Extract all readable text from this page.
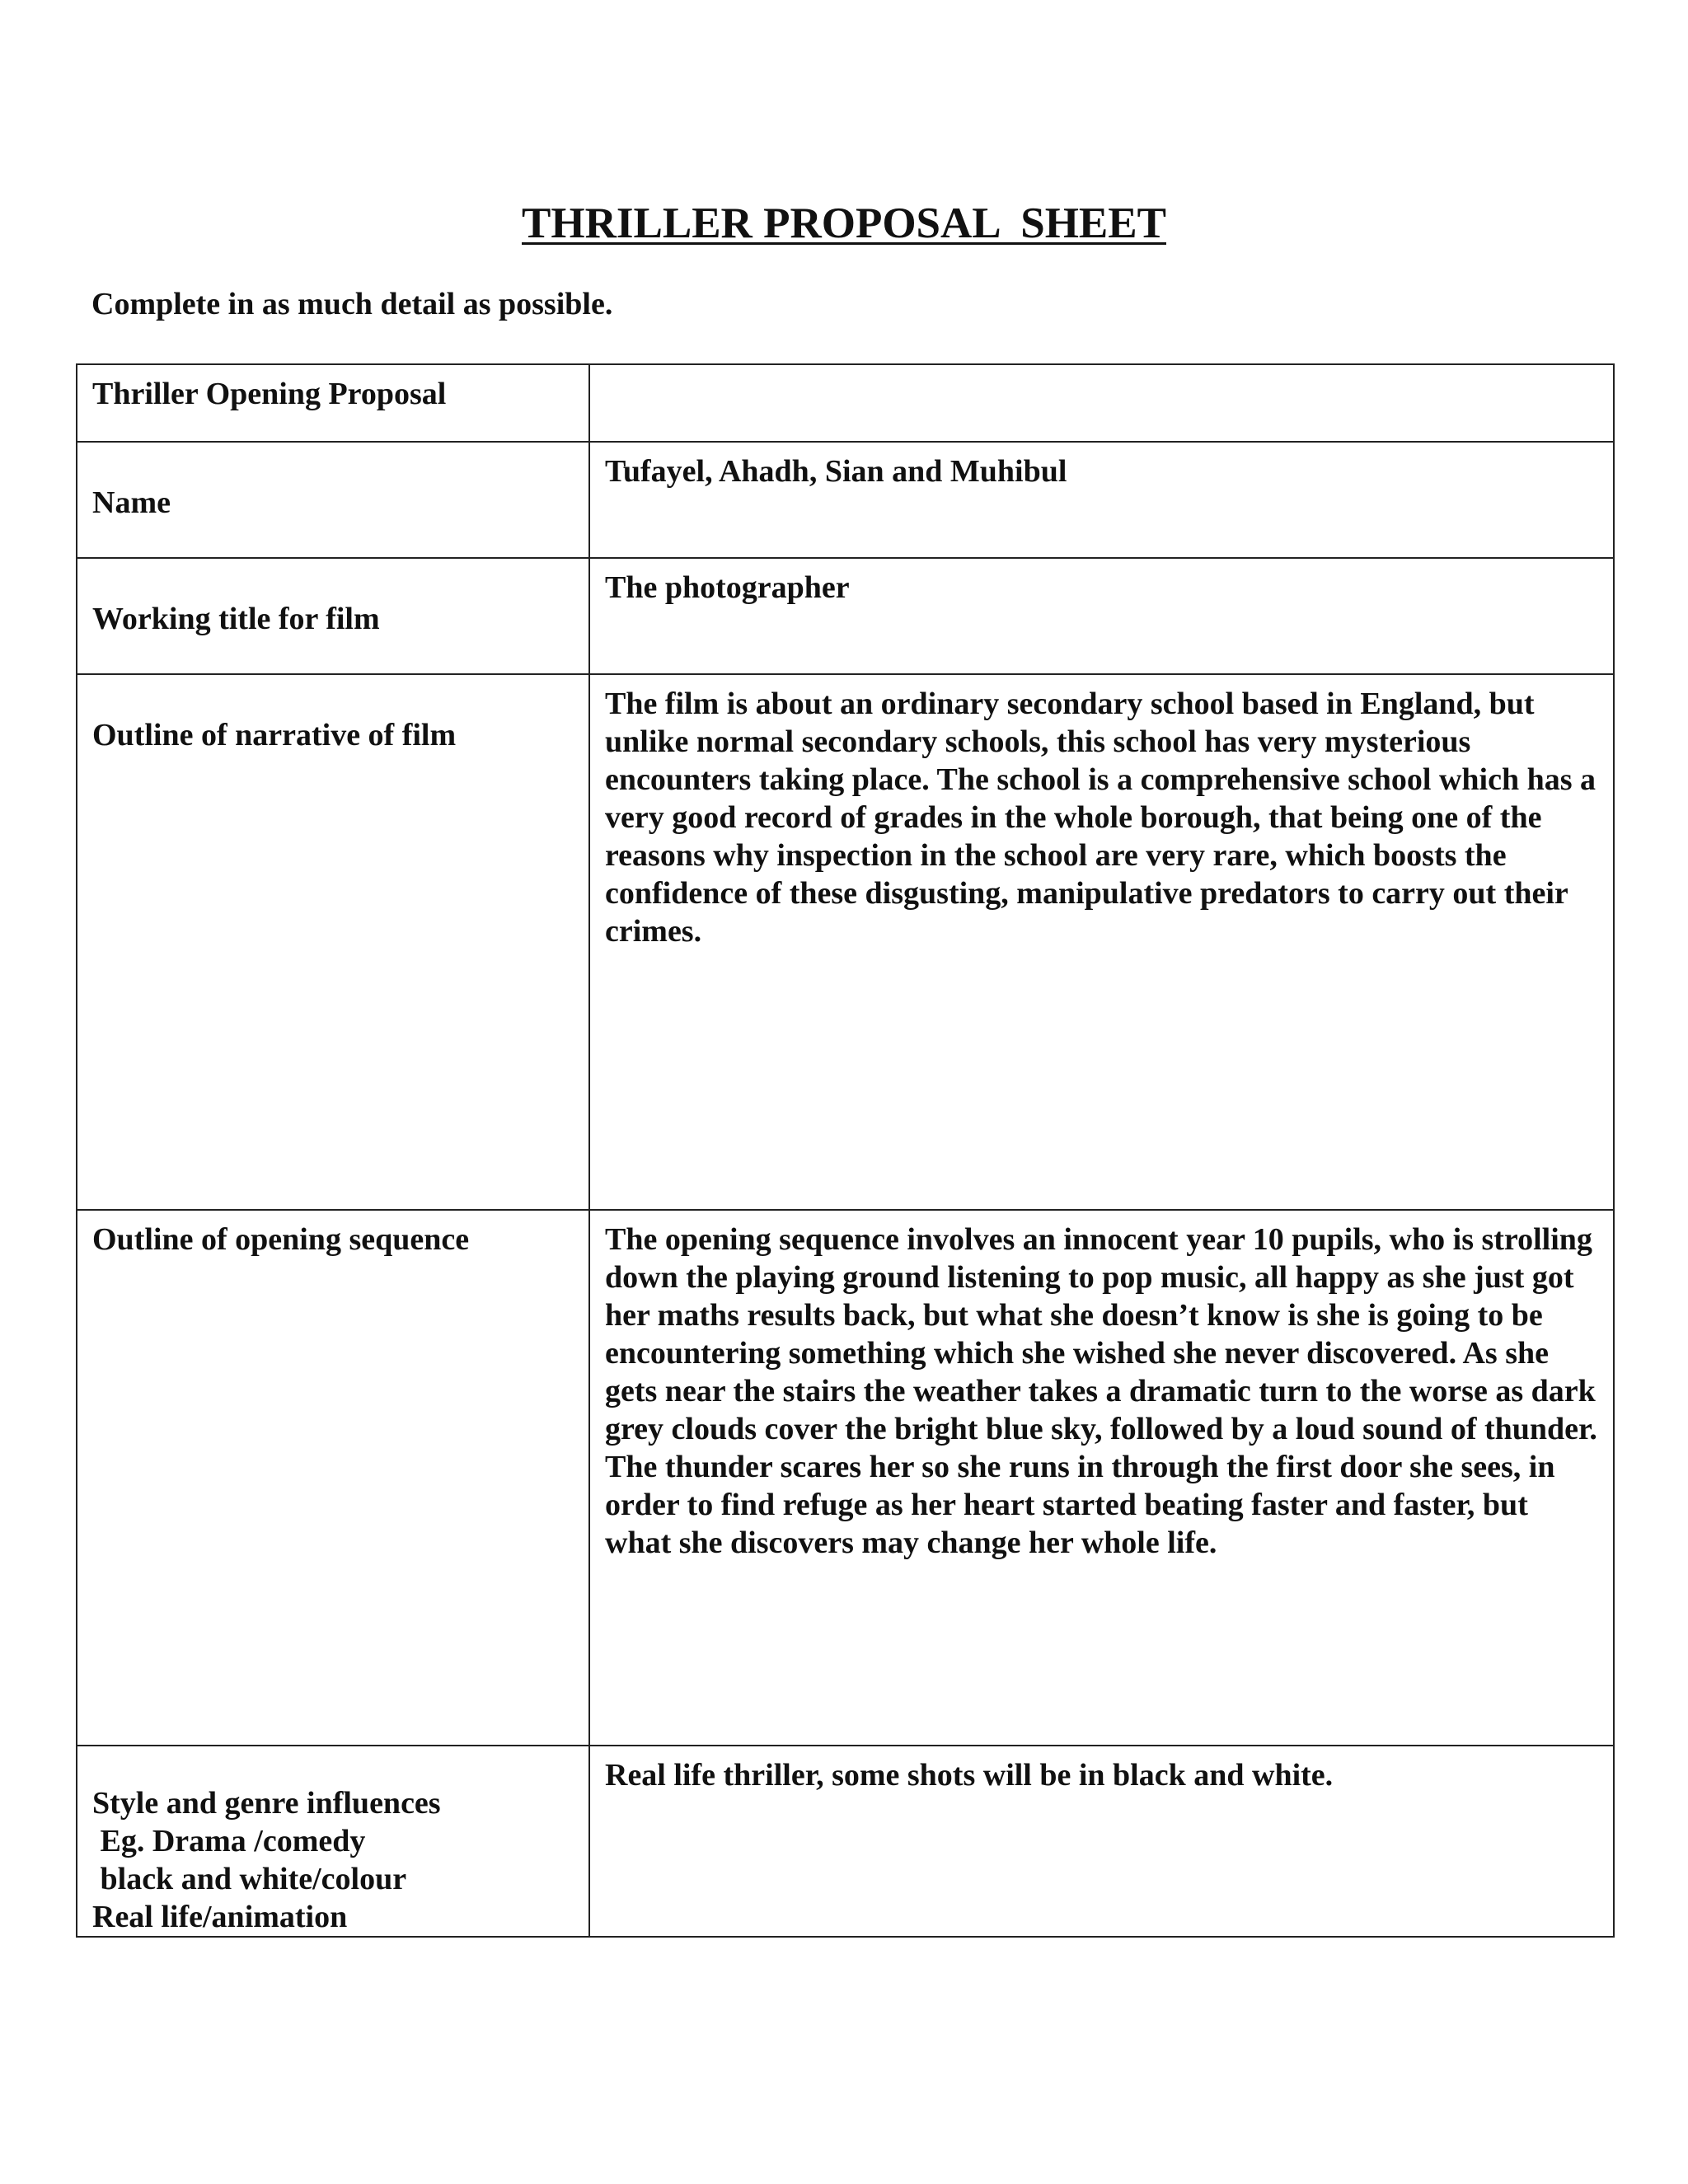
THRILLER PROPOSAL  SHEET

Complete in as much detail as possible.

Thriller Opening Proposal	

Name	Tufayel, Ahadh, Sian and Muhibul

Working title for film	The photographer

Outline of narrative of film	The film is about an ordinary secondary school based in England, but unlike normal secondary schools, this school has very mysterious encounters taking place. The school is a comprehensive school which has a very good record of grades in the whole borough, that being one of the reasons why inspection in the school are very rare, which boosts the confidence of these disgusting, manipulative predators to carry out their crimes.

Outline of opening sequence	The opening sequence involves an innocent year 10 pupils, who is strolling down the playing ground listening to pop music, all happy as she just got her maths results back, but what she doesn’t know is she is going to be encountering something which she wished she never discovered. As she gets near the stairs the weather takes a dramatic turn to the worse as dark grey clouds cover the bright blue sky, followed by a loud sound of thunder. The thunder scares her so she runs in through the first door she sees, in order to find refuge as her heart started beating faster and faster, but what she discovers may change her whole life.

Style and genre influences
Eg. Drama /comedy
black and white/colour
Real life/animation	Real life thriller, some shots will be in black and white.
